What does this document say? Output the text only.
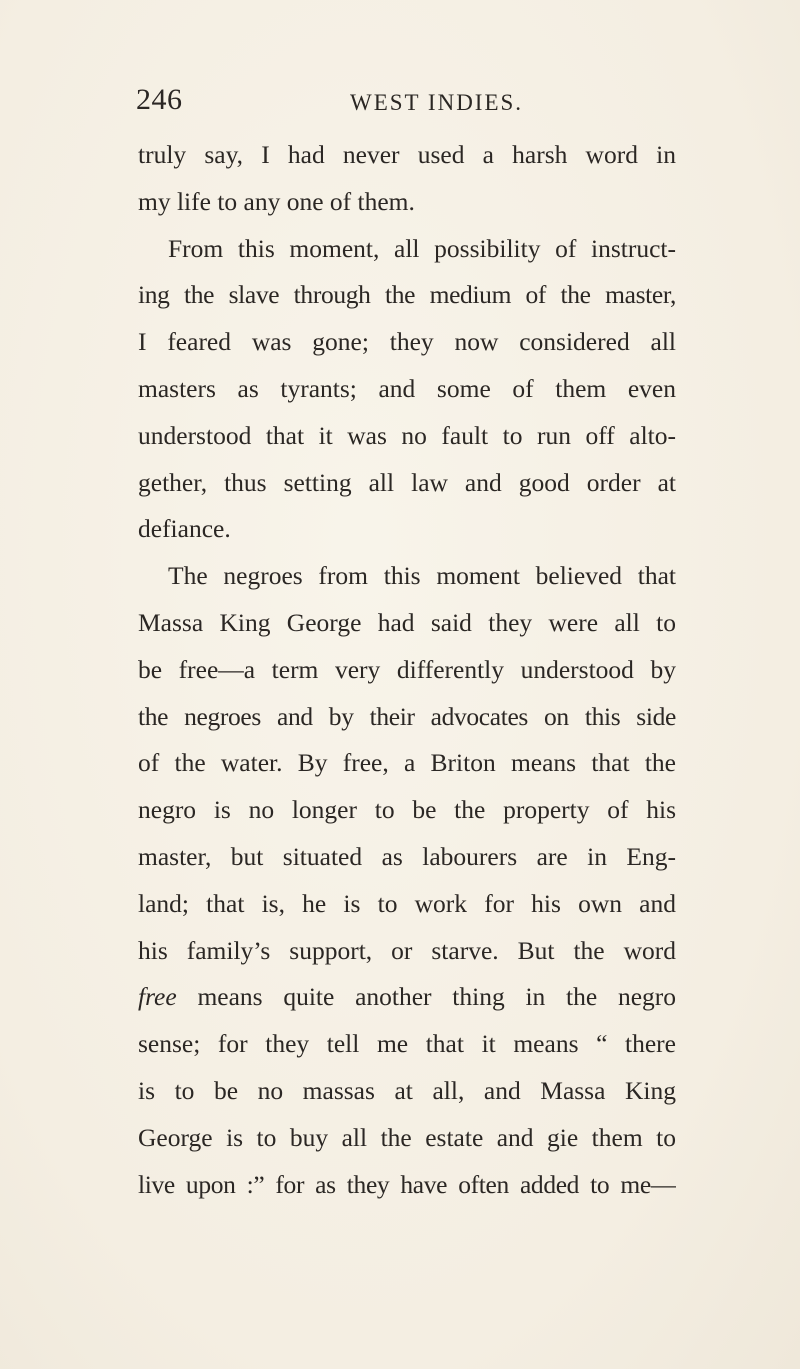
246	WEST INDIES.
truly say, I had never used a harsh word in
my life to any one of them.
From this moment, all possibility of instruct-
ing the slave through the medium of the master,
I feared was gone; they now considered all
masters as tyrants; and some of them even
understood that it was no fault to run off alto-
gether, thus setting all law and good order at
defiance.
The negroes from this moment believed that
Massa King George had said they were all to
be free—a term very differently understood by
the negroes and by their advocates on this side
of the water. By free, a Briton means that the
negro is no longer to be the property of his
master, but situated as labourers are in Eng-
land; that is, he is to work for his own and
his family’s support, or starve. But the word
free means quite another thing in the negro
sense; for they tell me that it means “ there
is to be no massas at all, and Massa King
George is to buy all the estate and gie them to
live upon :” for as they have often added to me—
